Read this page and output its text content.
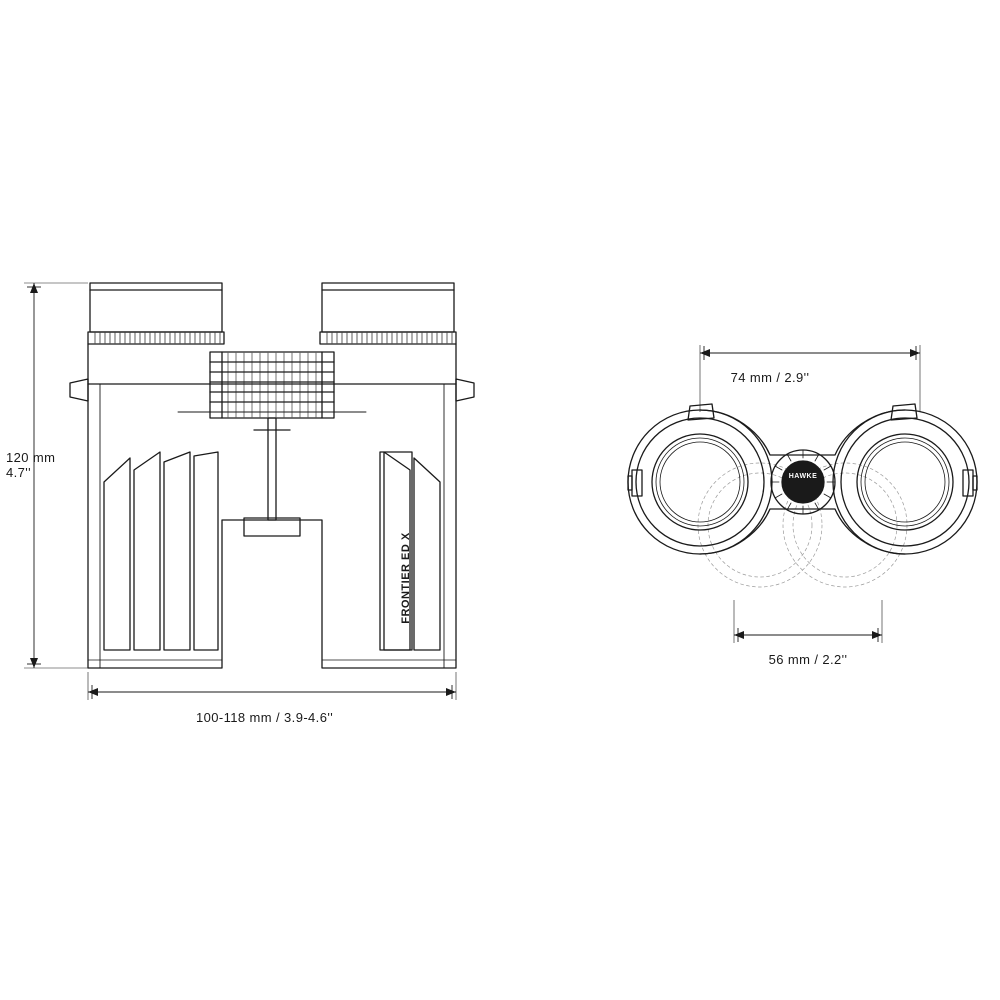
120 mm
4.7''
100-118 mm / 3.9-4.6''
74 mm / 2.9''
56 mm / 2.2''
FRONTIER ED X
HAWKE
